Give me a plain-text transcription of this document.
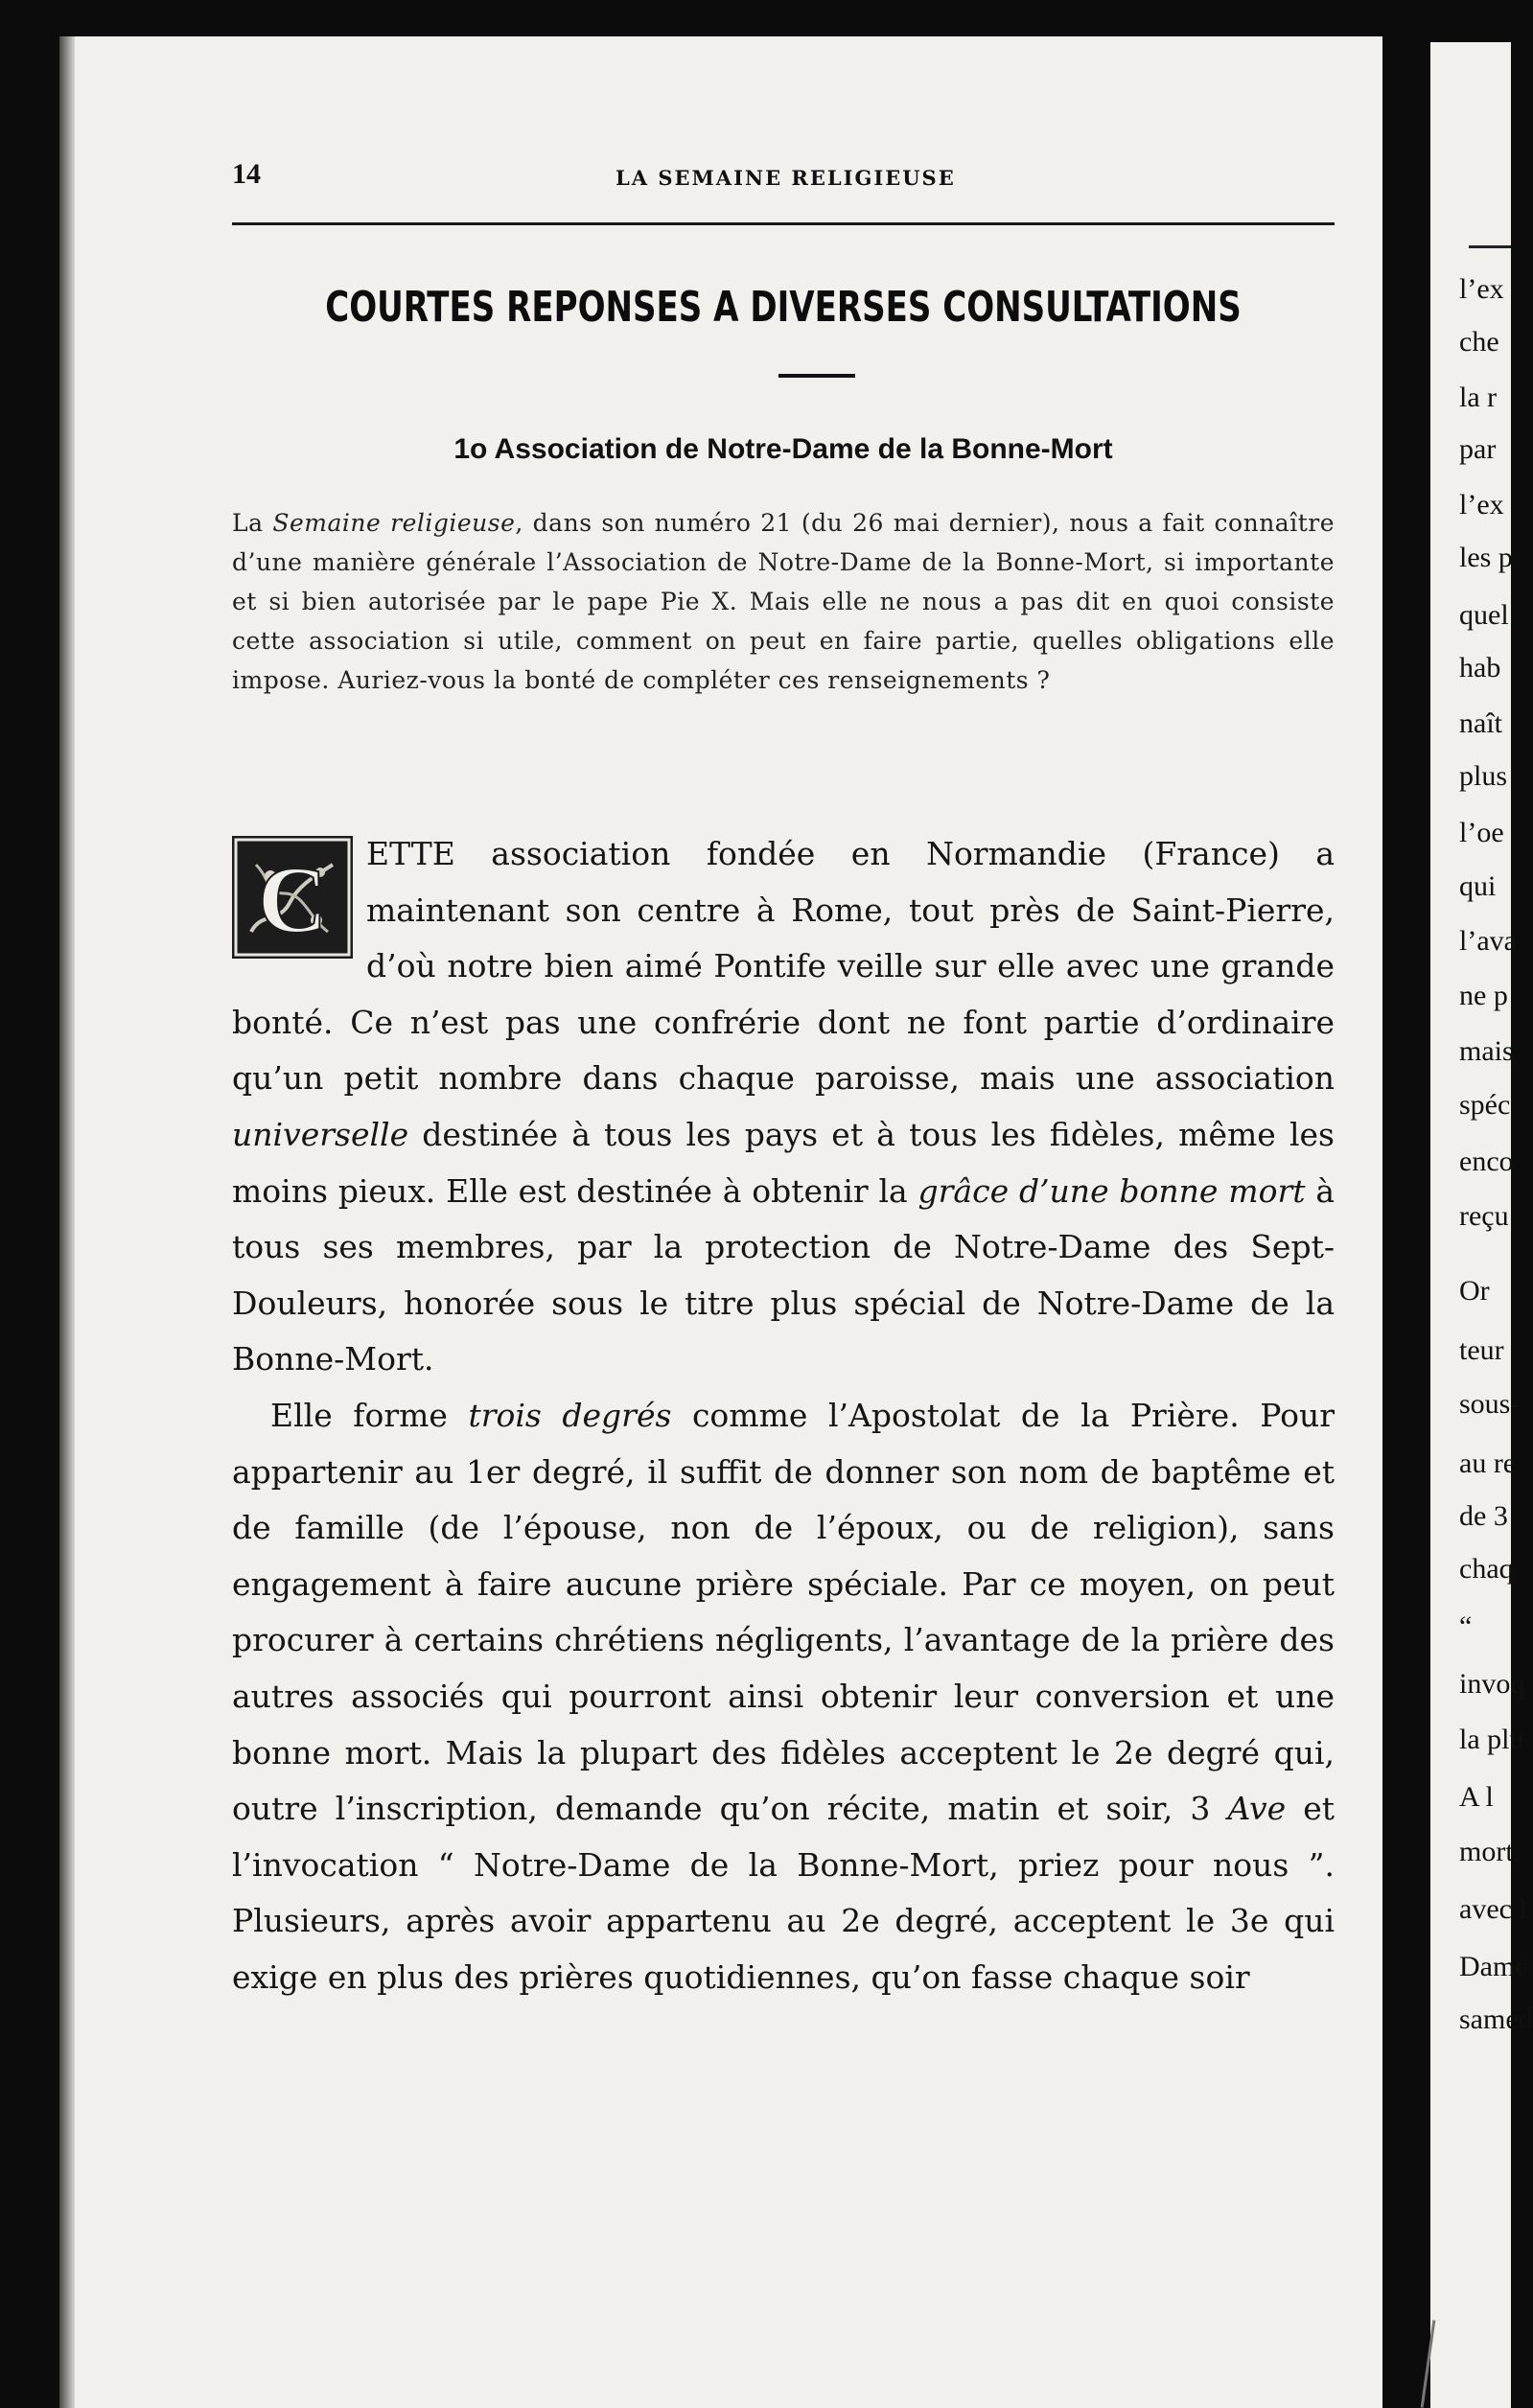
14	LA SEMAINE RELIGIEUSE
COURTES REPONSES A DIVERSES CONSULTATIONS
1o Association de Notre-Dame de la Bonne-Mort
La Semaine religieuse, dans son numéro 21 (du 26 mai dernier), nous a fait connaître d’une manière générale l’Association de Notre-Dame de la Bonne-Mort, si importante et si bien autorisée par le pape Pie X. Mais elle ne nous a pas dit en quoi consiste cette association si utile, comment on peut en faire partie, quelles obligations elle impose. Auriez-vous la bonté de compléter ces renseignements ?

C ETTE association fondée en Normandie (France) a maintenant son centre à Rome, tout près de Saint-Pierre, d’où notre bien aimé Pontife veille sur elle avec une grande bonté. Ce n’est pas une confrérie dont ne font partie d’ordinaire qu’un petit nombre dans chaque paroisse, mais une association universelle destinée à tous les pays et à tous les fidèles, même les moins pieux. Elle est destinée à obtenir la grâce d’une bonne mort à tous ses membres, par la protection de Notre-Dame des Sept-Douleurs, honorée sous le titre plus spécial de Notre-Dame de la Bonne-Mort.

Elle forme trois degrés comme l’Apostolat de la Prière. Pour appartenir au 1er degré, il suffit de donner son nom de baptême et de famille (de l’épouse, non de l’époux, ou de religion), sans engagement à faire aucune prière spéciale. Par ce moyen, on peut procurer à certains chrétiens négligents, l’avantage de la prière des autres associés qui pourront ainsi obtenir leur conversion et une bonne mort. Mais la plupart des fidèles acceptent le 2e degré qui, outre l’inscription, demande qu’on récite, matin et soir, 3 Ave et l’invocation “ Notre-Dame de la Bonne-Mort, priez pour nous ”. Plusieurs, après avoir appartenu au 2e degré, acceptent le 3e qui exige en plus des prières quotidiennes, qu’on fasse chaque soir

l’ex
che
la r
par
l’ex
les p
quel
hab
naît
plus
l’oe
qui
l’ava
ne p
mais
spéc
enco
reçu
Or
teur
sous-
au re
de 3
chaq
“
invoq
la plu
A l
mort,
avec l
Dame
samed
